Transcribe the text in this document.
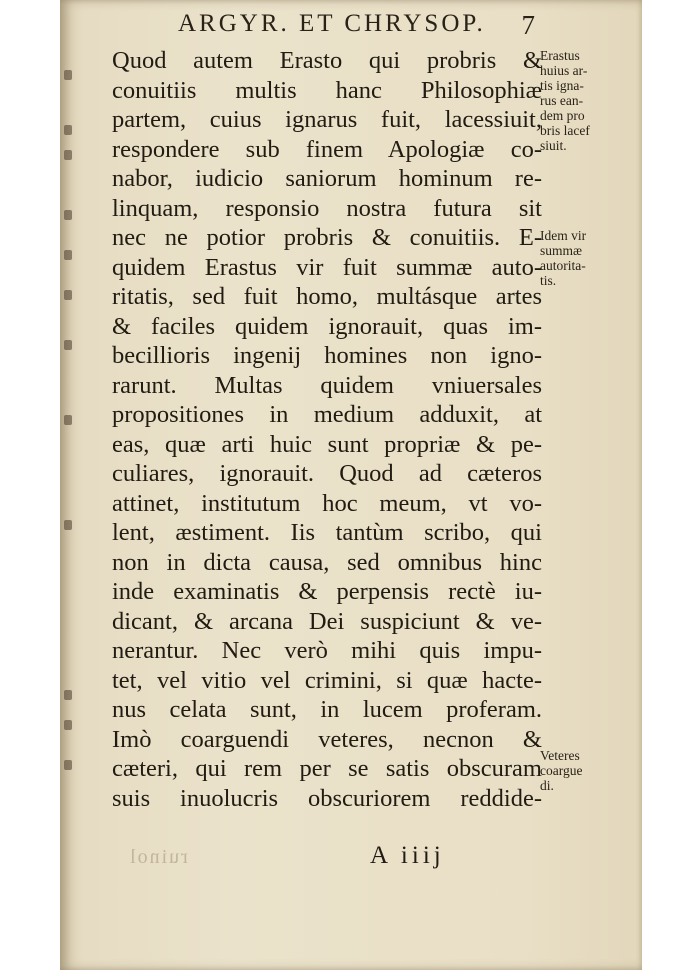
ARGYR. ET CHRYSOP. 7
Quod autem Erasto qui probris &
conuitiis multis hanc Philosophiæ
partem, cuius ignarus fuit, lacessiuit,
respondere sub finem Apologiæ co-
nabor, iudicio saniorum hominum re-
linquam, responsio nostra futura sit
nec ne potior probris & conuitiis. E-
quidem Erastus vir fuit summæ auto-
ritatis, sed fuit homo, multásque artes
& faciles quidem ignorauit, quas im-
becillioris ingenij homines non igno-
rarunt. Multas quidem vniuersales
propositiones in medium adduxit, at
eas, quæ arti huic sunt propriæ & pe-
culiares, ignorauit. Quod ad cæteros
attinet, institutum hoc meum, vt vo-
lent, æstiment. Iis tantùm scribo, qui
non in dicta causa, sed omnibus hinc
inde examinatis & perpensis rectè iu-
dicant, & arcana Dei suspiciunt & ve-
nerantur. Nec verò mihi quis impu-
tet, vel vitio vel crimini, si quæ hacte-
nus celata sunt, in lucem proferam.
Imò coarguendi veteres, necnon &
cæteri, qui rem per se satis obscuram
suis inuolucris obscuriorem reddide-
Erastus
huius ar-
tis igna-
rus ean-
dem pro
bris lacef
siuit.
Idem vir
summæ
autorita-
tis.
Veteres
coargue
di.
ruinol	A iiij
